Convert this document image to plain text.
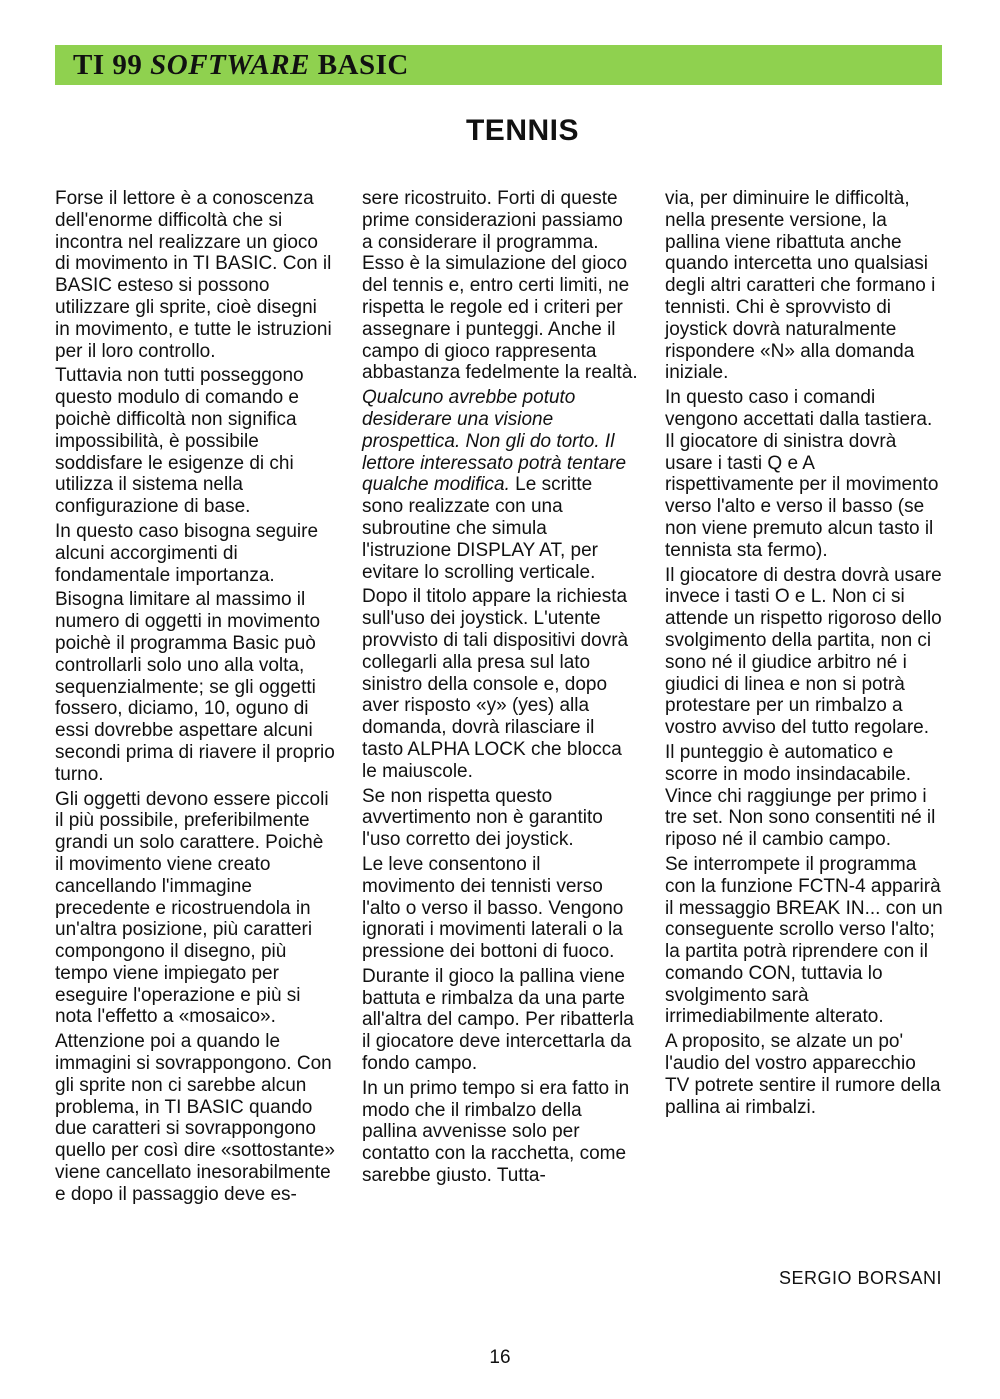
TI 99 SOFTWARE BASIC
TENNIS

Forse il lettore è a conoscenza dell'enorme difficoltà che si incontra nel realizzare un gioco di movimento in TI BASIC. Con il BASIC esteso si possono utilizzare gli sprite, cioè disegni in movimento, e tutte le istruzioni per il loro controllo.

Tuttavia non tutti posseggono questo modulo di comando e poichè difficoltà non significa impossibilità, è possibile soddisfare le esigenze di chi utilizza il sistema nella configurazione di base.

In questo caso bisogna seguire alcuni accorgimenti di fondamentale importanza.

Bisogna limitare al massimo il numero di oggetti in movimento poichè il programma Basic può controllarli solo uno alla volta, sequenzialmente; se gli oggetti fossero, diciamo, 10, oguno di essi dovrebbe aspettare alcuni secondi prima di riavere il proprio turno.

Gli oggetti devono essere piccoli il più possibile, preferibilmente grandi un solo carattere. Poichè il movimento viene creato cancellando l'immagine precedente e ricostruendola in un'altra posizione, più caratteri compongono il disegno, più tempo viene impiegato per eseguire l'operazione e più si nota l'effetto a «mosaico».

Attenzione poi a quando le immagini si sovrappongono. Con gli sprite non ci sarebbe alcun problema, in TI BASIC quando due caratteri si sovrappongono quello per così dire «sottostante» viene cancellato inesorabilmente e dopo il passaggio deve es-

sere ricostruito. Forti di queste prime considerazioni passiamo a considerare il programma. Esso è la simulazione del gioco del tennis e, entro certi limiti, ne rispetta le regole ed i criteri per assegnare i punteggi. Anche il campo di gioco rappresenta abbastanza fedelmente la realtà.

Qualcuno avrebbe potuto desiderare una visione prospettica. Non gli do torto. Il lettore interessato potrà tentare qualche modifica. Le scritte sono realizzate con una subroutine che simula l'istruzione DISPLAY AT, per evitare lo scrolling verticale.

Dopo il titolo appare la richiesta sull'uso dei joystick. L'utente provvisto di tali dispositivi dovrà collegarli alla presa sul lato sinistro della console e, dopo aver risposto «y» (yes) alla domanda, dovrà rilasciare il tasto ALPHA LOCK che blocca le maiuscole.

Se non rispetta questo avvertimento non è garantito l'uso corretto dei joystick.

Le leve consentono il movimento dei tennisti verso l'alto o verso il basso. Vengono ignorati i movimenti laterali o la pressione dei bottoni di fuoco.

Durante il gioco la pallina viene battuta e rimbalza da una parte all'altra del campo. Per ribatterla il giocatore deve intercettarla da fondo campo.

In un primo tempo si era fatto in modo che il rimbalzo della pallina avvenisse solo per contatto con la racchetta, come sarebbe giusto. Tutta-

via, per diminuire le difficoltà, nella presente versione, la pallina viene ribattuta anche quando intercetta uno qualsiasi degli altri caratteri che formano i tennisti. Chi è sprovvisto di joystick dovrà naturalmente rispondere «N» alla domanda iniziale.

In questo caso i comandi vengono accettati dalla tastiera. Il giocatore di sinistra dovrà usare i tasti Q e A rispettivamente per il movimento verso l'alto e verso il basso (se non viene premuto alcun tasto il tennista sta fermo).

Il giocatore di destra dovrà usare invece i tasti O e L. Non ci si attende un rispetto rigoroso dello svolgimento della partita, non ci sono né il giudice arbitro né i giudici di linea e non si potrà protestare per un rimbalzo a vostro avviso del tutto regolare.

Il punteggio è automatico e scorre in modo insindacabile. Vince chi raggiunge per primo i tre set. Non sono consentiti né il riposo né il cambio campo.

Se interrompete il programma con la funzione FCTN-4 apparirà il messaggio BREAK IN... con un conseguente scrollo verso l'alto; la partita potrà riprendere con il comando CON, tuttavia lo svolgimento sarà irrimediabilmente alterato.

A proposito, se alzate un po' l'audio del vostro apparecchio TV potrete sentire il rumore della pallina ai rimbalzi.

SERGIO BORSANI
16
